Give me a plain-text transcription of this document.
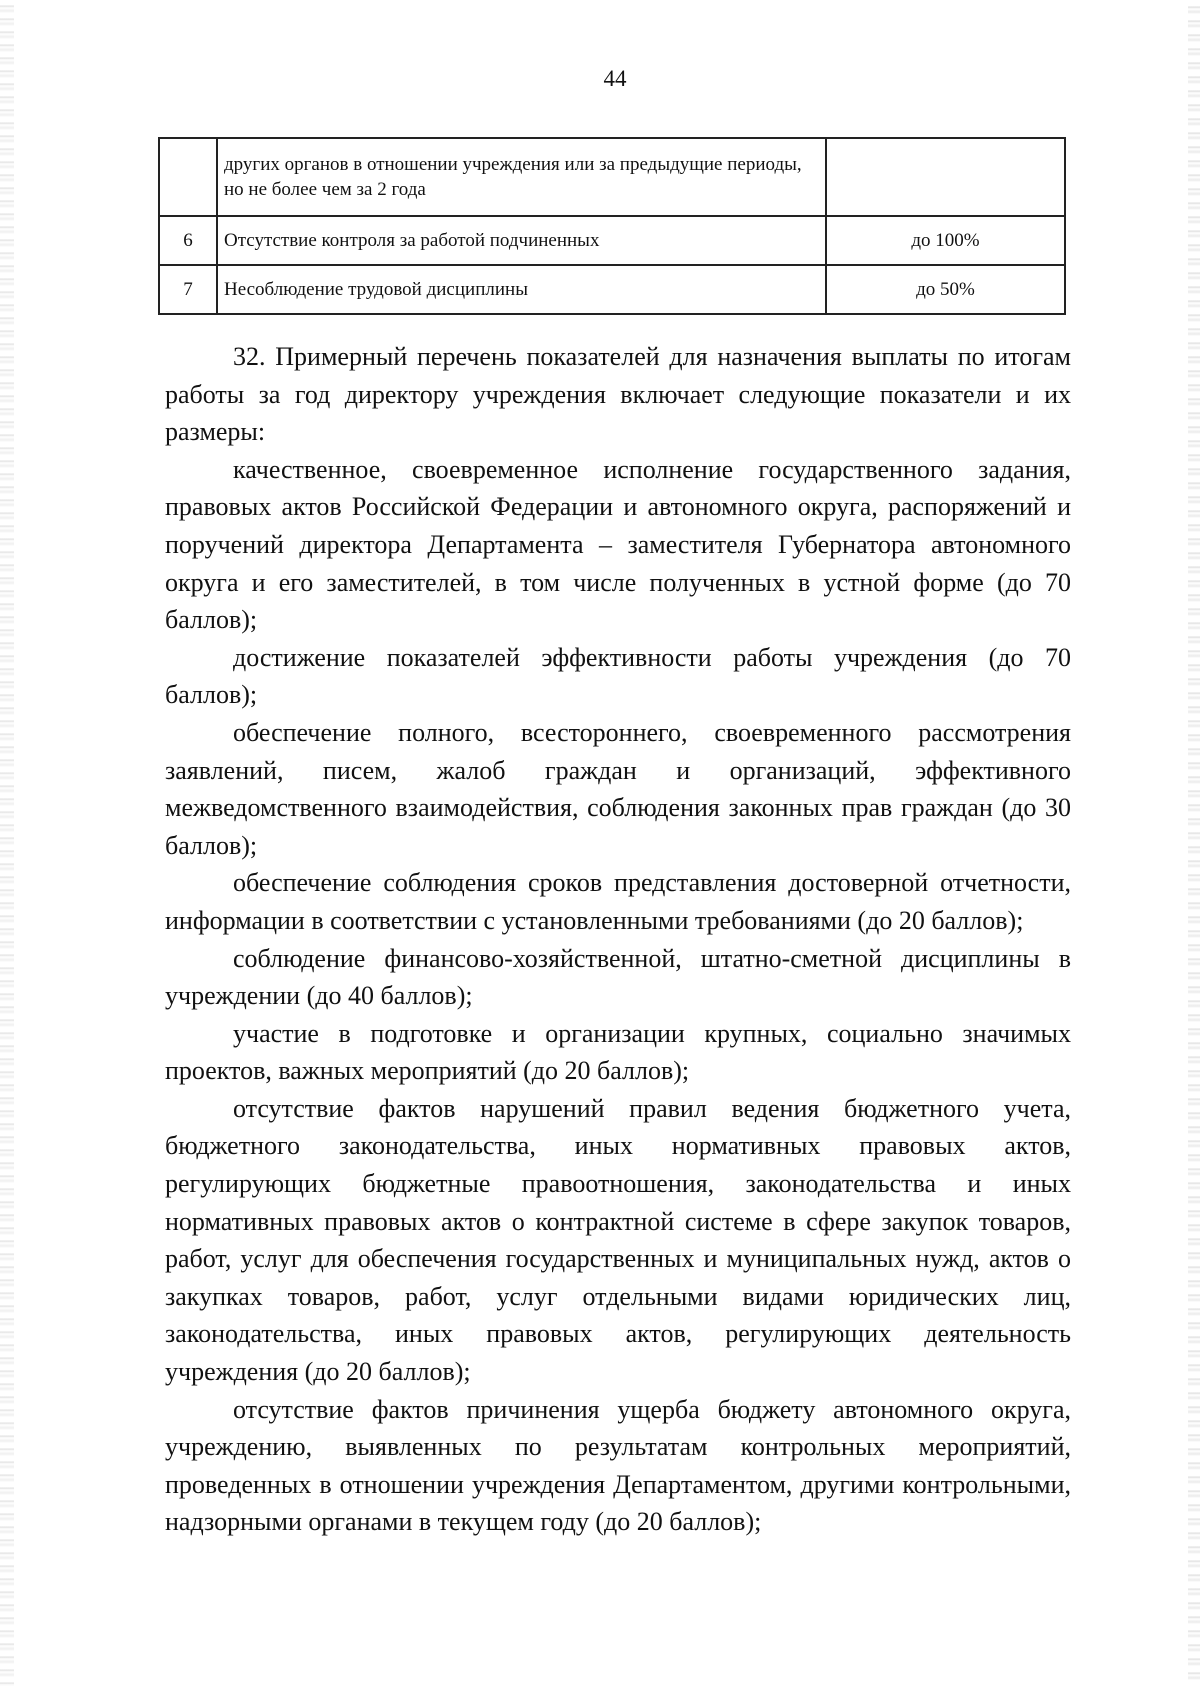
44
	других органов в отношении учреждения или за предыдущие периоды, но не более чем за 2 года	
6	Отсутствие контроля за работой подчиненных	до 100%
7	Несоблюдение трудовой дисциплины	до 50%

32. Примерный перечень показателей для назначения выплаты по итогам работы за год директору учреждения включает следующие показатели и их размеры:

качественное, своевременное исполнение государственного задания, правовых актов Российской Федерации и автономного округа, распоряжений и поручений директора Департамента – заместителя Губернатора автономного округа и его заместителей, в том числе полученных в устной форме (до 70 баллов);

достижение показателей эффективности работы учреждения (до 70 баллов);

обеспечение полного, всестороннего, своевременного рассмотрения заявлений, писем, жалоб граждан и организаций, эффективного межведомственного взаимодействия, соблюдения законных прав граждан (до 30 баллов);

обеспечение соблюдения сроков представления достоверной отчетности, информации в соответствии с установленными требованиями (до 20 баллов);

соблюдение финансово-хозяйственной, штатно-сметной дисциплины в учреждении (до 40 баллов);

участие в подготовке и организации крупных, социально значимых проектов, важных мероприятий (до 20 баллов);

отсутствие фактов нарушений правил ведения бюджетного учета, бюджетного законодательства, иных нормативных правовых актов, регулирующих бюджетные правоотношения, законодательства и иных нормативных правовых актов о контрактной системе в сфере закупок товаров, работ, услуг для обеспечения государственных и муниципальных нужд, актов о закупках товаров, работ, услуг отдельными видами юридических лиц, законодательства, иных правовых актов, регулирующих деятельность учреждения (до 20 баллов);

отсутствие фактов причинения ущерба бюджету автономного округа, учреждению, выявленных по результатам контрольных мероприятий, проведенных в отношении учреждения Департаментом, другими контрольными, надзорными органами в текущем году (до 20 баллов);
